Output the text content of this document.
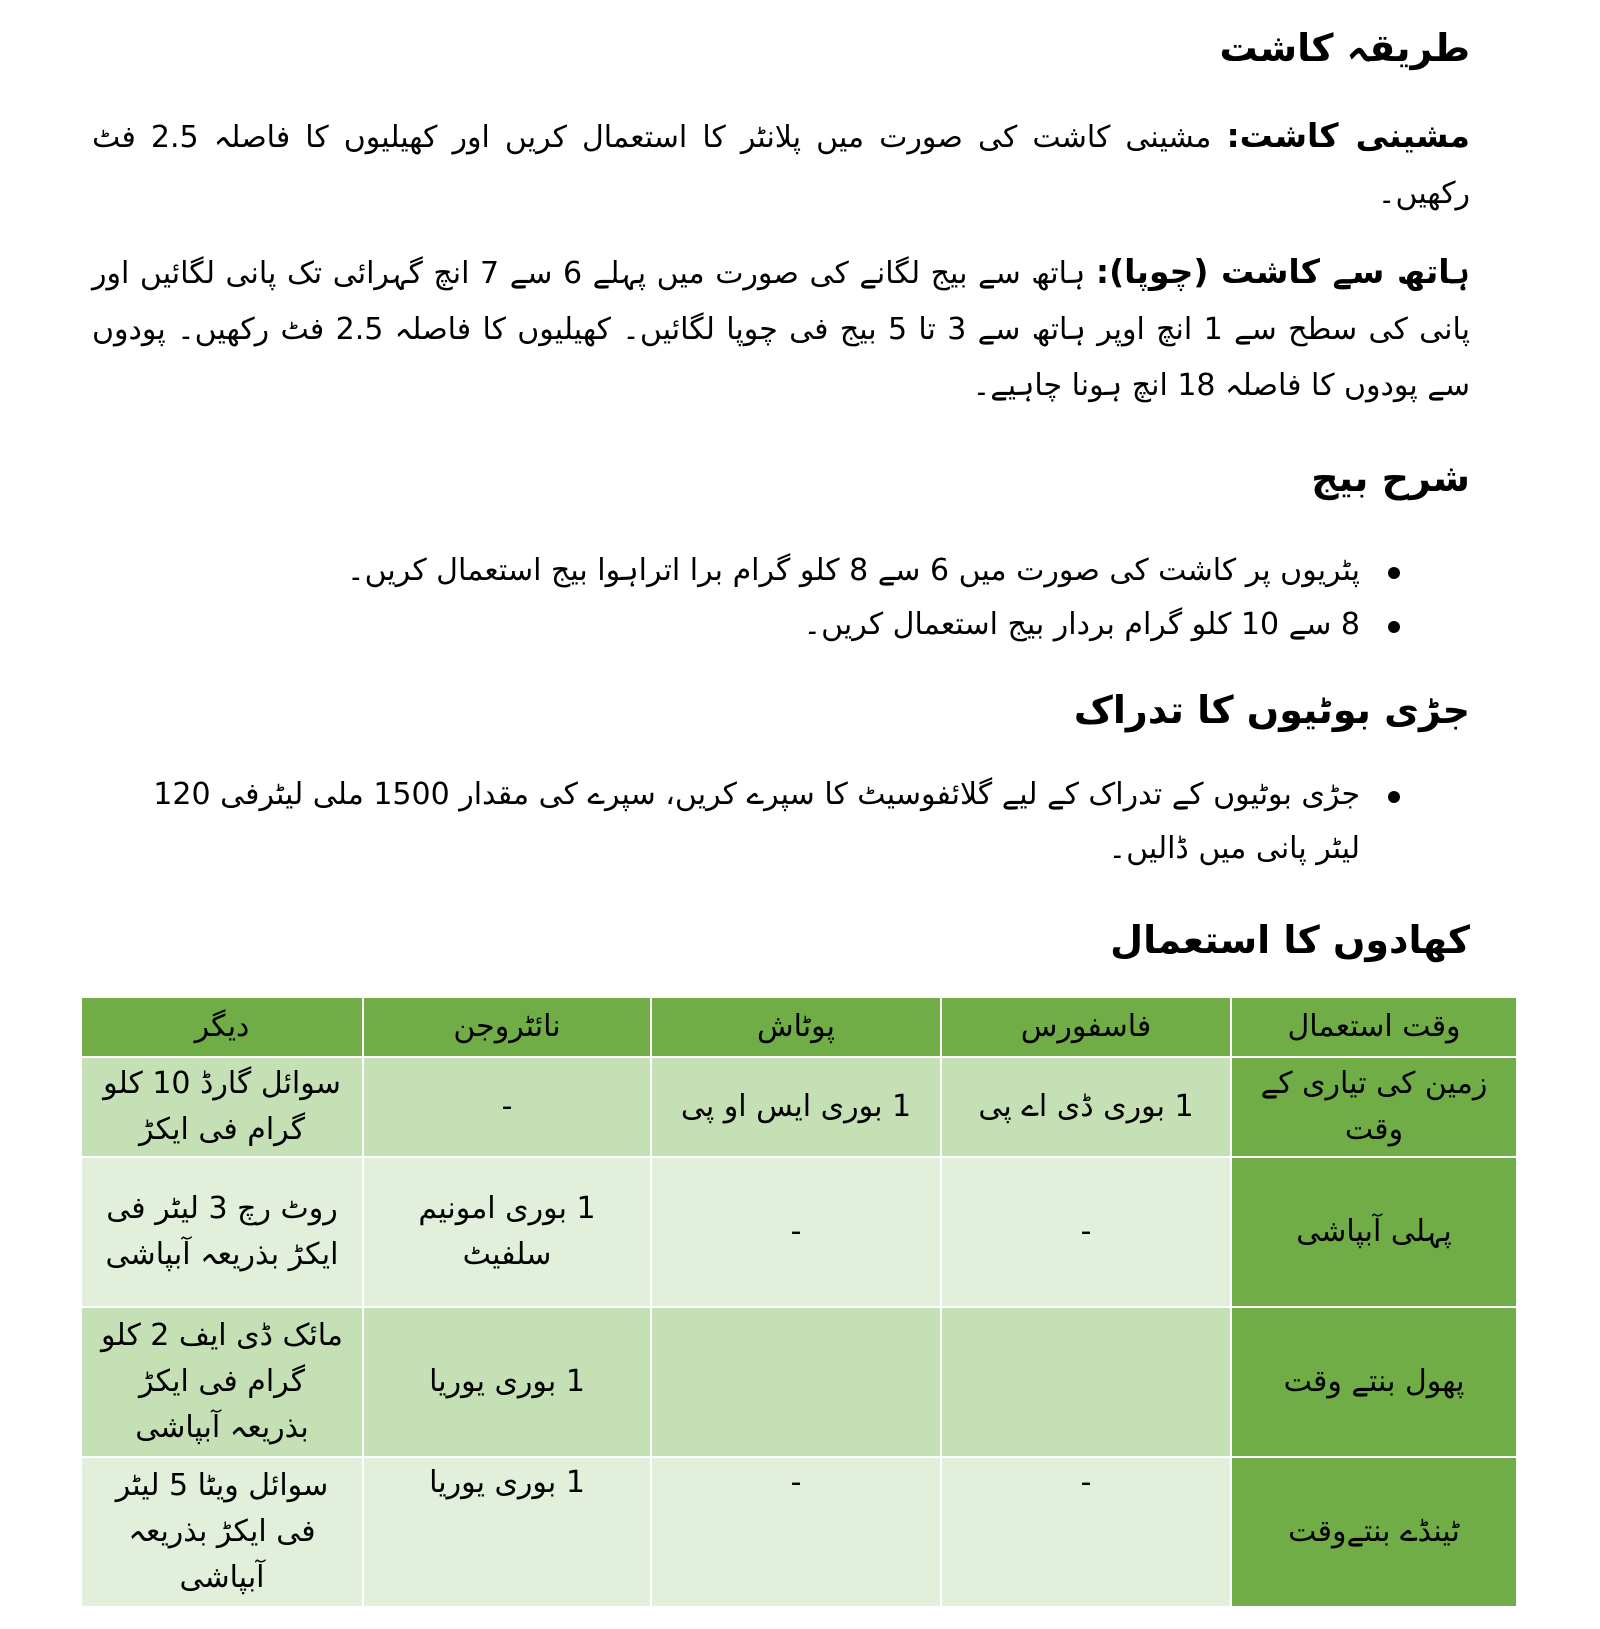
طریقہ کاشت

مشینی کاشت: مشینی کاشت کی صورت میں پلانٹر کا استعمال کریں اور کھیلیوں کا فاصلہ 2.5 فٹ رکھیں۔

ہاتھ سے کاشت (چوپا): ہاتھ سے بیج لگانے کی صورت میں پہلے 6 سے 7 انچ گہرائی تک پانی لگائیں اور پانی کی سطح سے 1 انچ اوپر ہاتھ سے 3 تا 5 بیج فی چوپا لگائیں۔ کھیلیوں کا فاصلہ 2.5 فٹ رکھیں۔ پودوں سے پودوں کا فاصلہ 18 انچ ہونا چاہیے۔

شرح بیج
پٹریوں پر کاشت کی صورت میں 6 سے 8 کلو گرام برا اتراہوا بیج استعمال کریں۔
8 سے 10 کلو گرام بردار بیج استعمال کریں۔
جڑی بوٹیوں کا تدراک
جڑی بوٹیوں کے تدراک کے لیے گلائفوسیٹ کا سپرے کریں، سپرے کی مقدار 1500 ملی لیٹرفی 120 لیٹر پانی میں ڈالیں۔
کھادوں کا استعمال
وقت استعمال	فاسفورس	پوٹاش	نائٹروجن	دیگر
زمین کی تیاری کے وقت	1 بوری ڈی اے پی	1 بوری ایس او پی	-	سوائل گارڈ 10 کلو گرام فی ایکڑ
پہلی آبپاشی	-	-	1 بوری امونیم سلفیٹ	روٹ رچ 3 لیٹر فی ایکڑ بذریعہ آبپاشی
پھول بنتے وقت			1 بوری یوریا	مائک ڈی ایف 2 کلو گرام فی ایکڑ بذریعہ آبپاشی
ٹینڈے بنتےوقت	-	-	1 بوری یوریا	سوائل ویٹا 5 لیٹر فی ایکڑ بذریعہ آبپاشی
